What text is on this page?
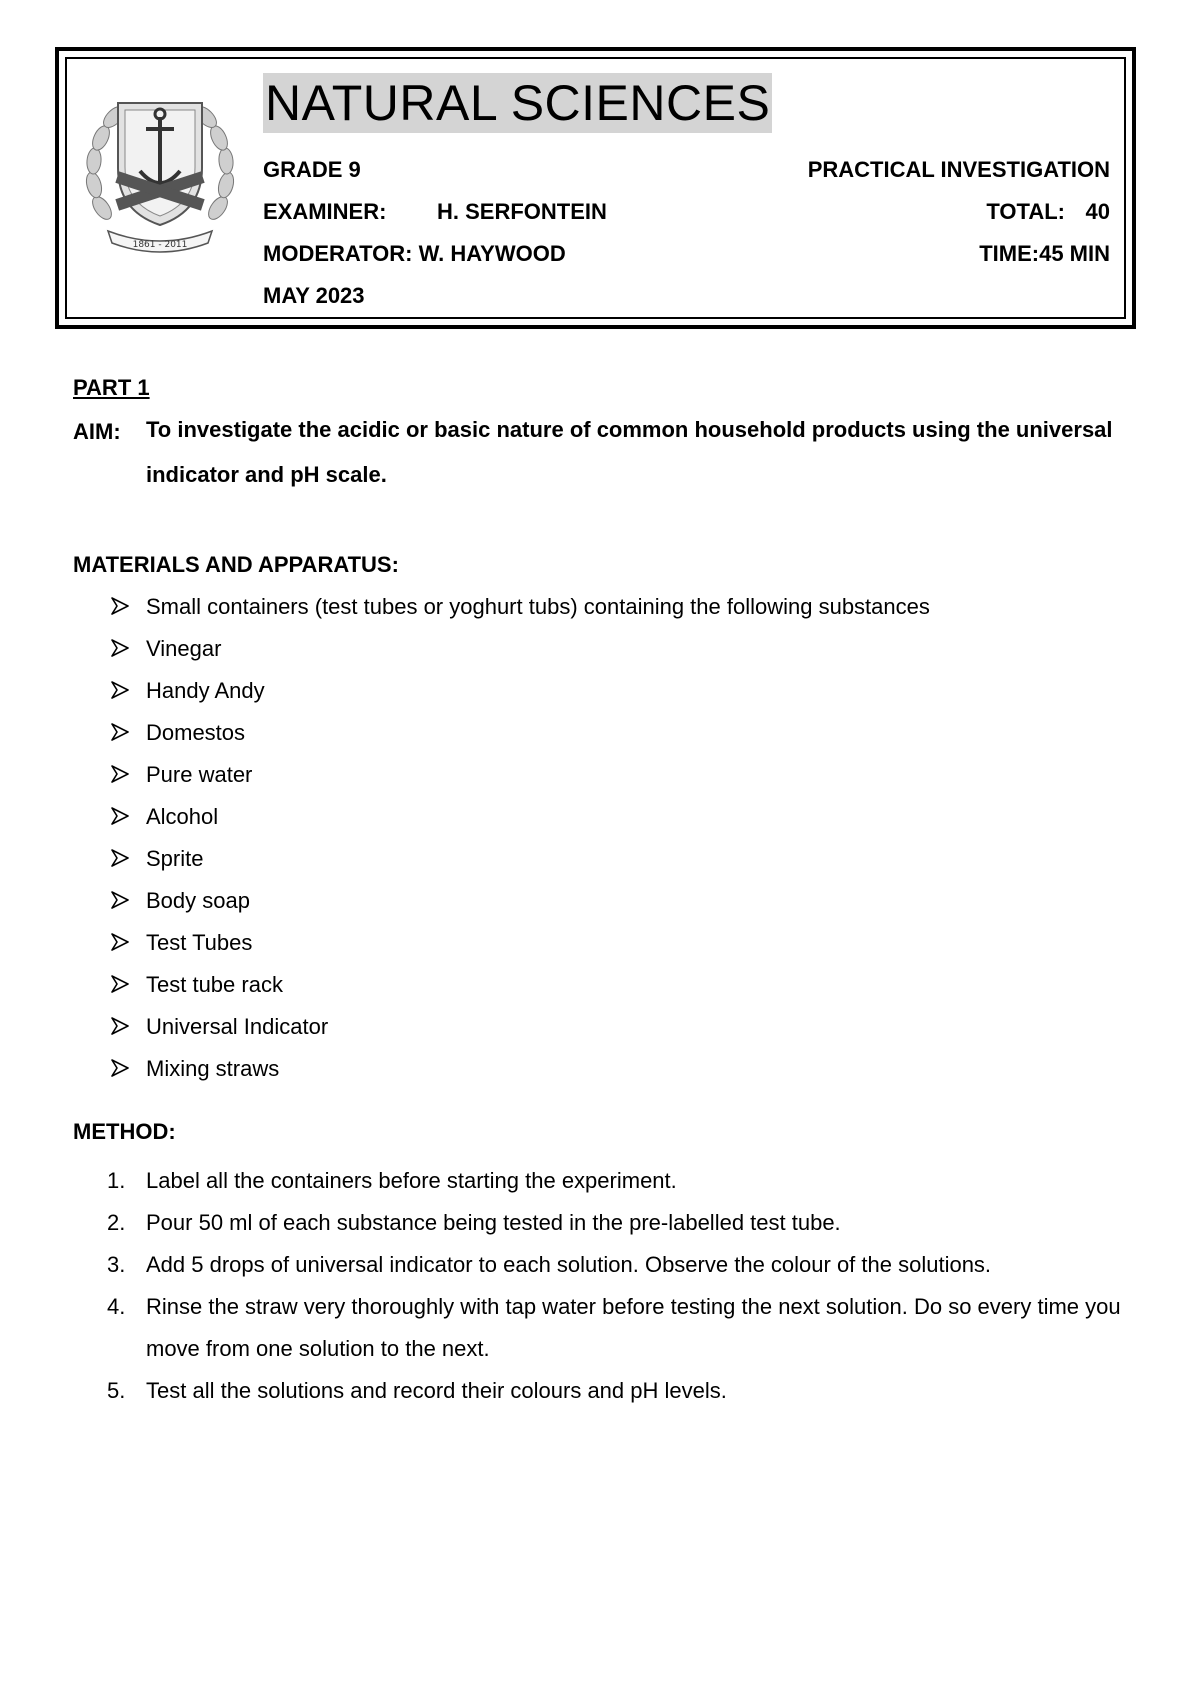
1861 - 2011
NATURAL SCIENCES
GRADE 9	PRACTICAL INVESTIGATION
EXAMINER: H. SERFONTEIN	TOTAL: 40
MODERATOR: W. HAYWOOD	TIME:45 MIN
MAY 2023
PART 1
AIM: To investigate the acidic or basic nature of common household products using the universal indicator and pH scale.
MATERIALS AND APPARATUS:
Small containers (test tubes or yoghurt tubs) containing the following substances
Vinegar
Handy Andy
Domestos
Pure water
Alcohol
Sprite
Body soap
Test Tubes
Test tube rack
Universal Indicator
Mixing straws
METHOD:
1. Label all the containers before starting the experiment.
2. Pour 50 ml of each substance being tested in the pre-labelled test tube.
3. Add 5 drops of universal indicator to each solution. Observe the colour of the solutions.
4. Rinse the straw very thoroughly with tap water before testing the next solution. Do so every time you move from one solution to the next.
5. Test all the solutions and record their colours and pH levels.
